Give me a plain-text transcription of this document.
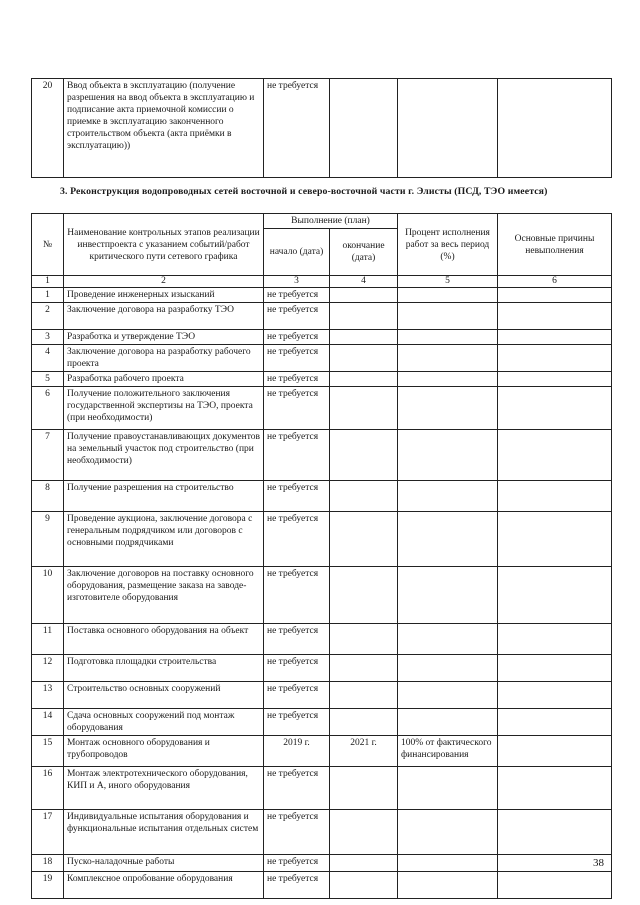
20	Ввод объекта в эксплуатацию (получение разрешения на ввод объекта в эксплуатацию и подписание акта приемочной комиссии о приемке в эксплуатацию законченного строительством объекта (акта приёмки в эксплуатацию))	не требуется			
3. Реконструкция водопроводных сетей восточной и северо-восточной части г. Элисты (ПСД, ТЭО имеется)
№	Наименование контрольных этапов реализации инвестпроекта с указанием событий/работ критического пути сетевого графика	Выполнение (план)		Процент исполнения работ за весь период (%)	Основные причины невыполнения
		начало (дата)	окончание (дата)		
1	2	3	4	5	6
1	Проведение инженерных изысканий	не требуется			
2	Заключение договора на разработку ТЭО	не требуется			
3	Разработка и утверждение ТЭО	не требуется			
4	Заключение договора на разработку рабочего проекта	не требуется			
5	Разработка рабочего проекта	не требуется			
6	Получение положительного заключения государственной экспертизы на ТЭО, проекта (при необходимости)	не требуется			
7	Получение правоустанавливающих документов на земельный участок под строительство (при необходимости)	не требуется			
8	Получение разрешения на строительство	не требуется			
9	Проведение аукциона, заключение договора с генеральным подрядчиком или договоров с основными подрядчиками	не требуется			
10	Заключение договоров на поставку основного оборудования, размещение заказа на заводе-изготовителе оборудования	не требуется			
11	Поставка основного оборудования на объект	не требуется			
12	Подготовка площадки строительства	не требуется			
13	Строительство основных сооружений	не требуется			
14	Сдача основных сооружений под монтаж оборудования	не требуется			
15	Монтаж основного оборудования и трубопроводов	2019 г.	2021 г.	100% от фактического финансирования	
16	Монтаж электротехнического оборудования, КИП и А, иного оборудования	не требуется			
17	Индивидуальные испытания оборудования и функциональные испытания отдельных систем	не требуется			
18	Пуско-наладочные работы	не требуется			
19	Комплексное опробование оборудования	не требуется			
38
